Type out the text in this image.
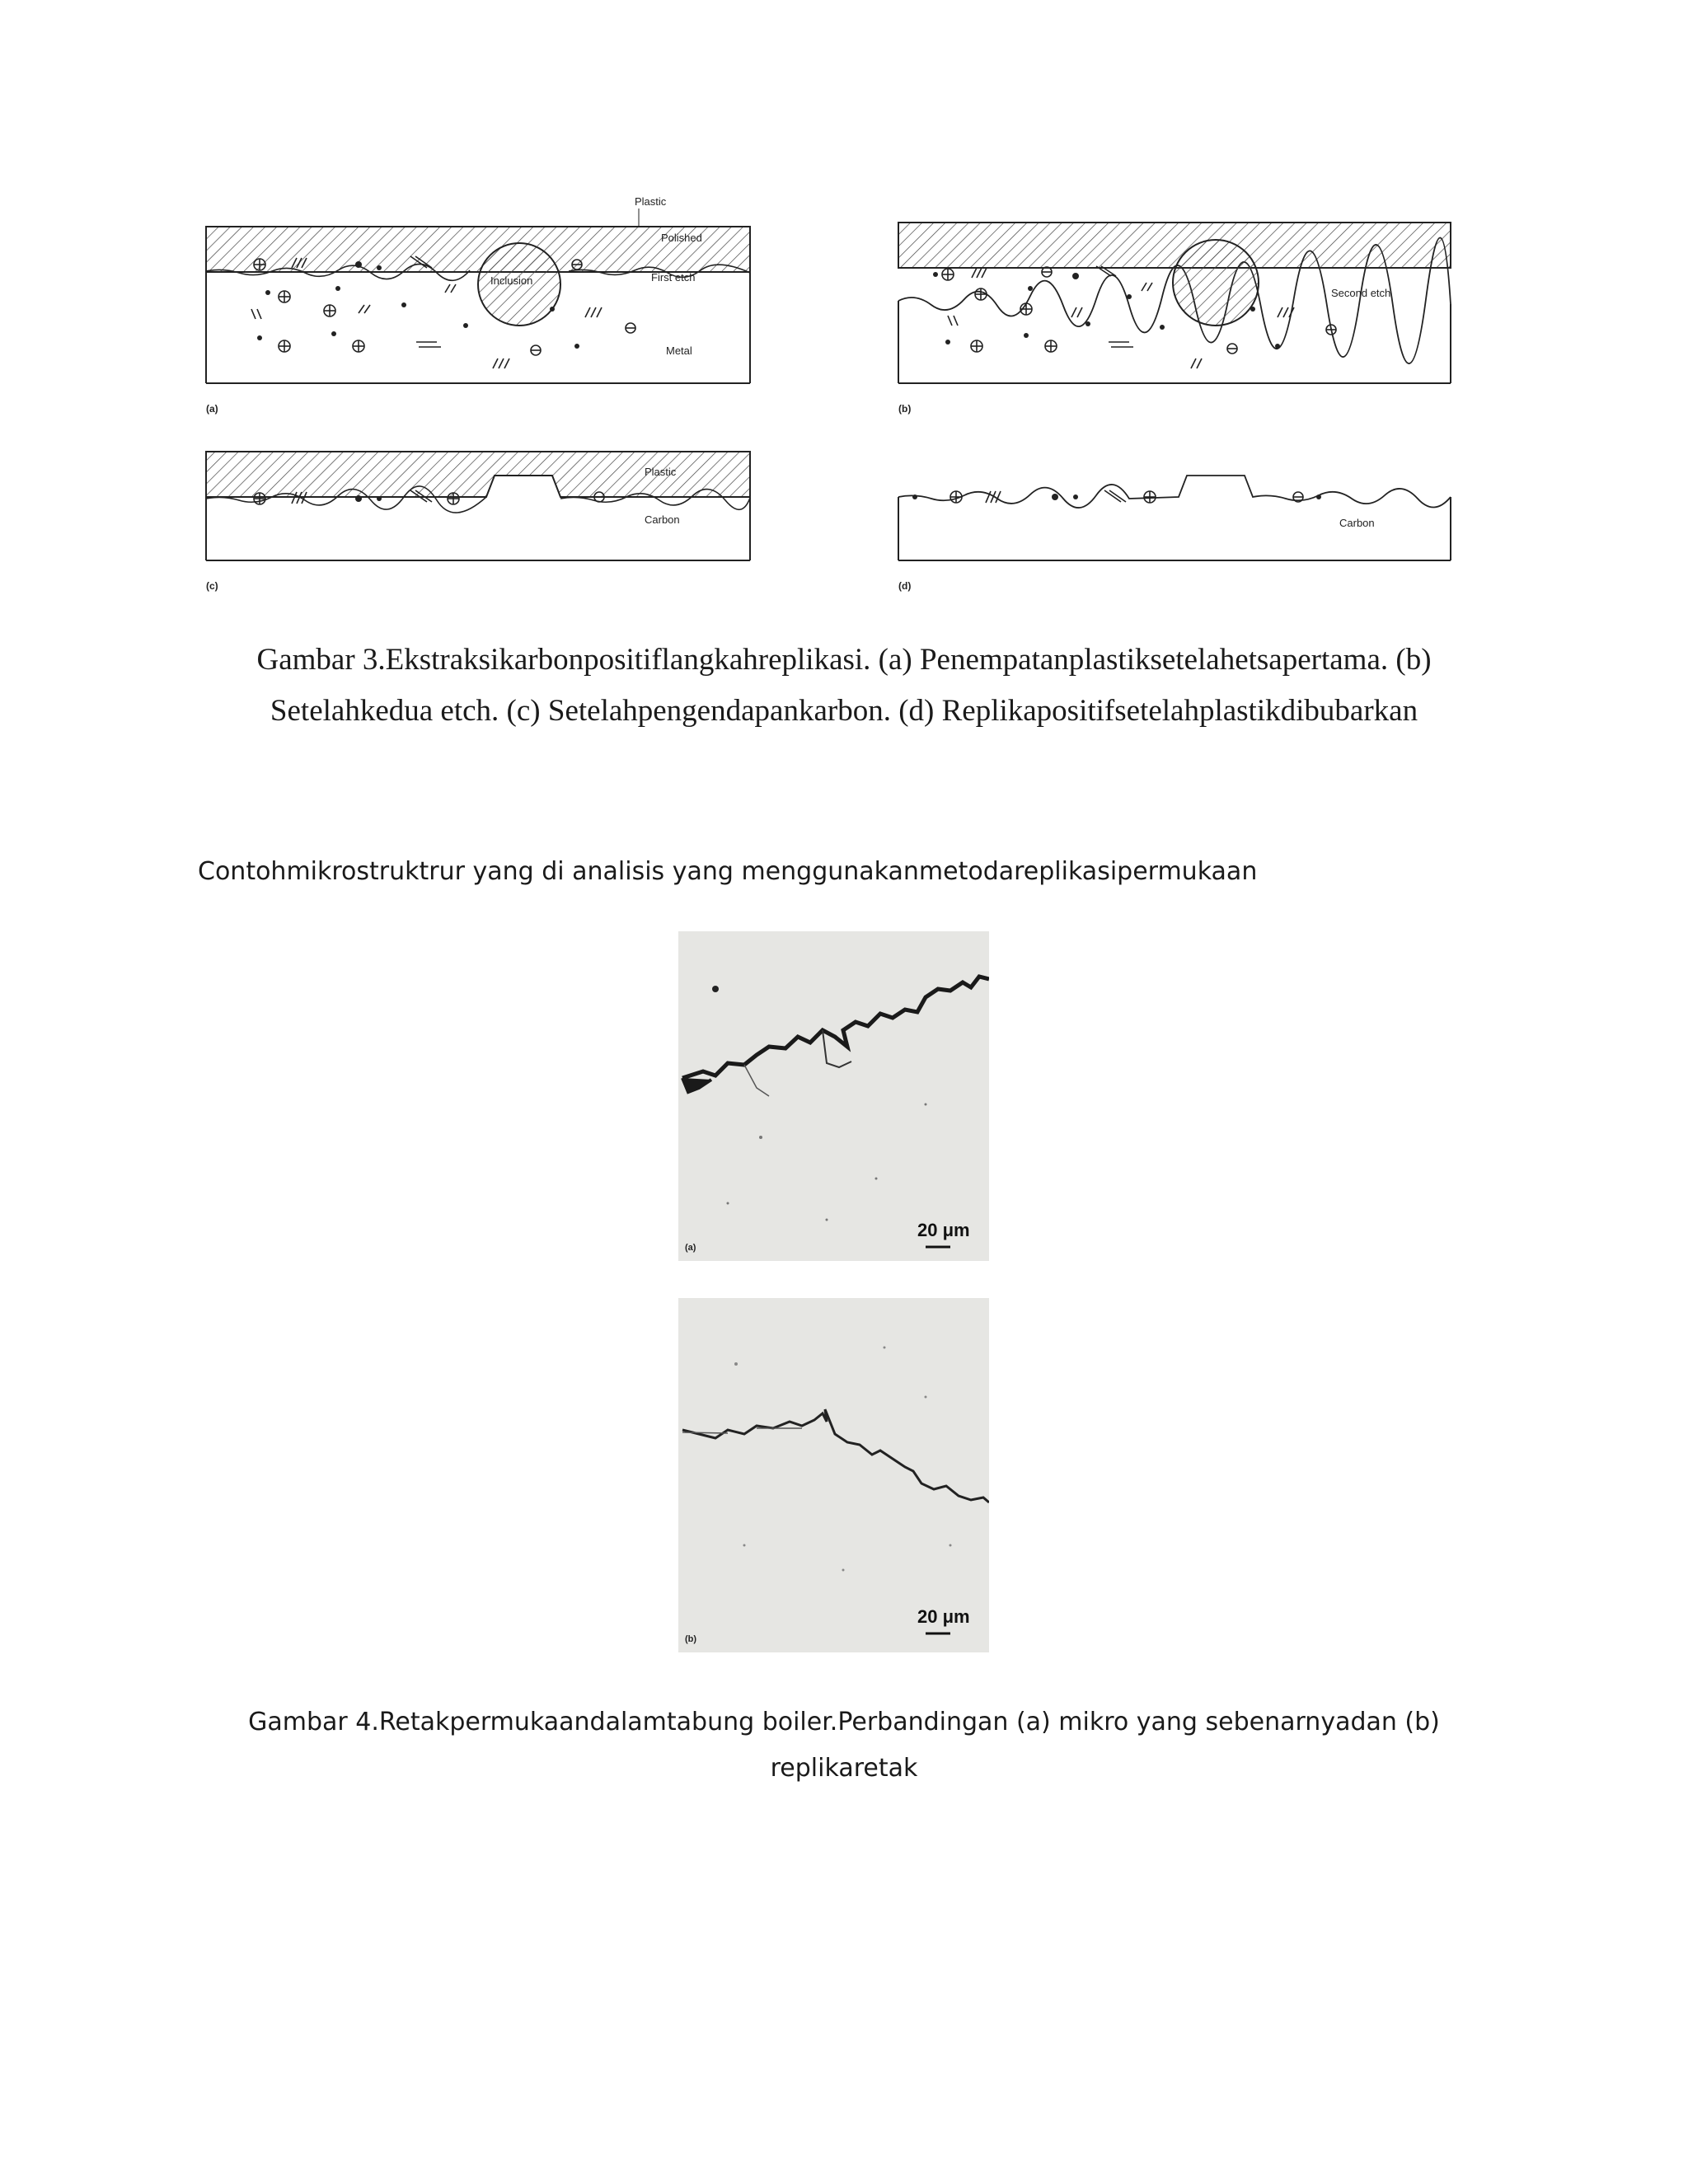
Plastic
Polished
Inclusion	First etch
Metal
(a)
Second etch
(b)
Plastic
Carbon
(c)
Carbon
(d)
Gambar 3.Ekstraksikarbonpositiflangkahreplikasi. (a) Penempatanplastiksetelahetsapertama. (b)
Setelahkedua etch. (c) Setelahpengendapankarbon. (d) Replikapositifsetelahplastikdibubarkan
Contohmikrostruktrur yang di analisis yang menggunakanmetodareplikasipermukaan
20 μm
(a)
20 μm
(b)
Gambar 4.Retakpermukaandalamtabung boiler.Perbandingan (a) mikro yang sebenarnyadan (b)
replikaretak
